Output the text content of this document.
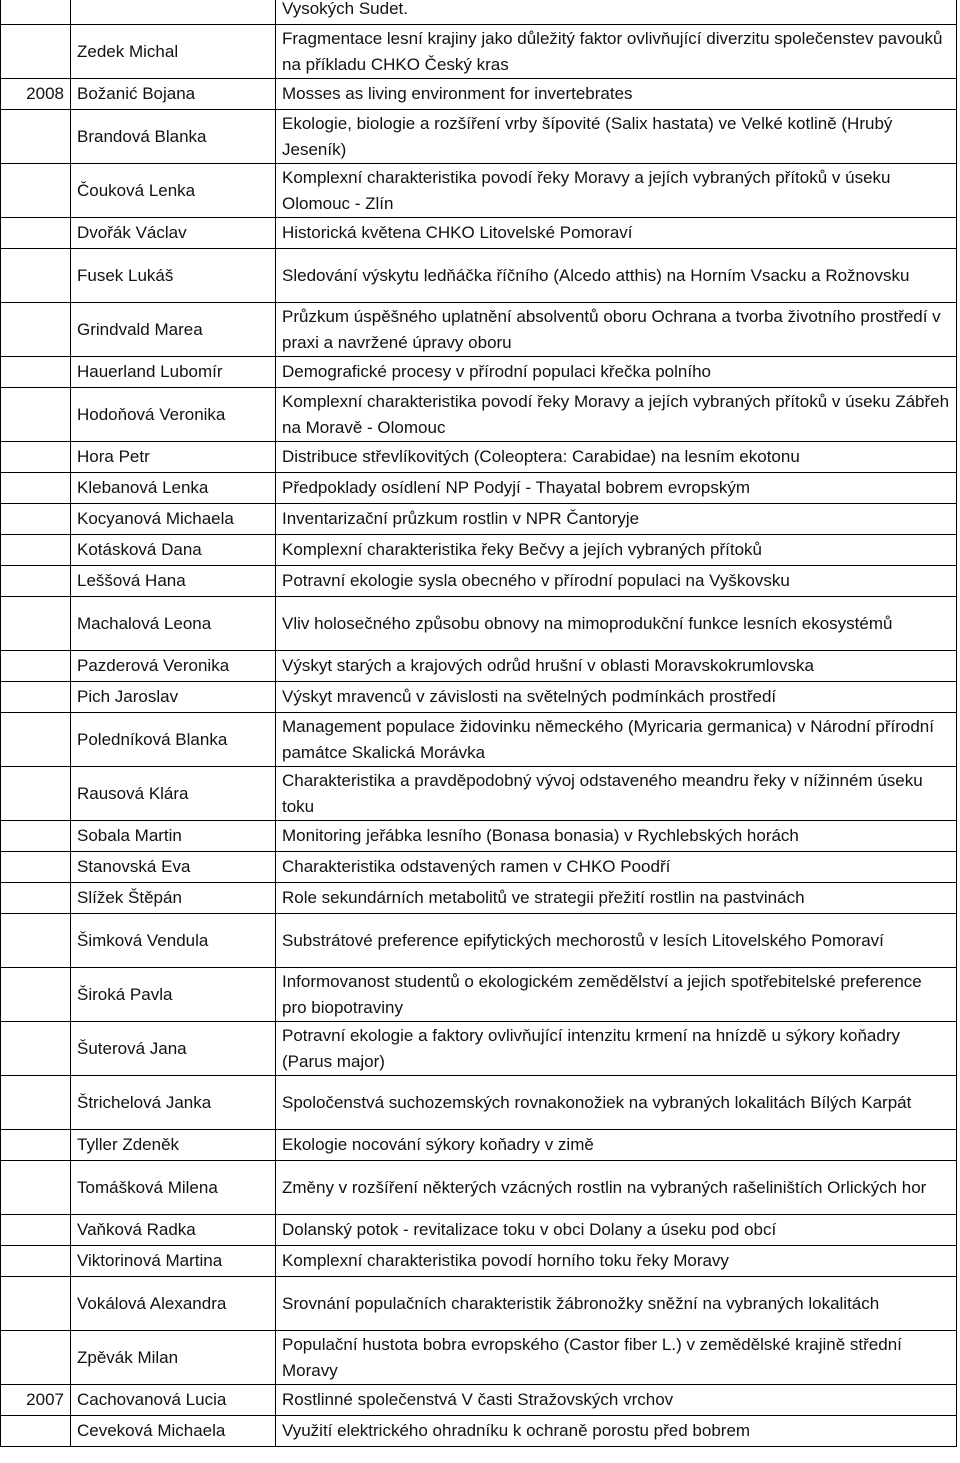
		Vysokých Sudet.
	Zedek Michal	Fragmentace lesní krajiny jako důležitý faktor ovlivňující diverzitu společenstev pavouků na příkladu CHKO Český kras
2008	Božanić Bojana	Mosses as living environment for invertebrates
	Brandová Blanka	Ekologie, biologie a rozšíření vrby šípovité (Salix hastata) ve Velké kotlině (Hrubý Jeseník)
	Čouková Lenka	Komplexní charakteristika povodí řeky Moravy a jejích vybraných přítoků v úseku Olomouc - Zlín
	Dvořák Václav	Historická květena CHKO Litovelské Pomoraví
	Fusek Lukáš	Sledování výskytu ledňáčka říčního (Alcedo atthis) na Horním Vsacku a Rožnovsku
	Grindvald Marea	Průzkum úspěšného uplatnění absolventů oboru Ochrana a tvorba životního prostředí v praxi a navržené úpravy oboru
	Hauerland Lubomír	Demografické procesy v přírodní populaci křečka polního
	Hodoňová Veronika	Komplexní charakteristika povodí řeky Moravy a jejích vybraných přítoků v úseku Zábřeh na Moravě - Olomouc
	Hora Petr	Distribuce střevlíkovitých (Coleoptera: Carabidae) na lesním ekotonu
	Klebanová Lenka	Předpoklady osídlení NP Podyjí - Thayatal bobrem evropským
	Kocyanová Michaela	Inventarizační průzkum rostlin v NPR Čantoryje
	Kotásková Dana	Komplexní charakteristika řeky Bečvy a jejích vybraných přítoků
	Leššová Hana	Potravní ekologie sysla obecného v přírodní populaci na Vyškovsku
	Machalová Leona	Vliv holosečného způsobu obnovy na mimoprodukční funkce lesních ekosystémů
	Pazderová Veronika	Výskyt starých a krajových odrůd hrušní v oblasti Moravskokrumlovska
	Pich Jaroslav	Výskyt mravenců v závislosti na světelných podmínkách prostředí
	Poledníková Blanka	Management populace židovinku německého (Myricaria germanica) v Národní přírodní památce Skalická Morávka
	Rausová Klára	Charakteristika a pravděpodobný vývoj odstaveného meandru řeky v nížinném úseku toku
	Sobala Martin	Monitoring jeřábka lesního (Bonasa bonasia) v Rychlebských horách
	Stanovská Eva	Charakteristika odstavených ramen v CHKO Poodří
	Slížek Štěpán	Role sekundárních metabolitů ve strategii přežití rostlin na pastvinách
	Šimková Vendula	Substrátové preference epifytických mechorostů v lesích Litovelského Pomoraví
	Široká Pavla	Informovanost studentů o ekologickém zemědělství a jejich spotřebitelské preference pro biopotraviny
	Šuterová Jana	Potravní ekologie a faktory ovlivňující intenzitu krmení na hnízdě u sýkory koňadry (Parus major)
	Štrichelová Janka	Spoločenstvá suchozemských rovnakonožiek na vybraných lokalitách Bílých Karpát
	Tyller Zdeněk	Ekologie nocování sýkory koňadry v zimě
	Tomášková Milena	Změny v rozšíření některých vzácných rostlin na vybraných rašeliništích Orlických hor
	Vaňková Radka	Dolanský potok - revitalizace toku v obci Dolany a úseku pod obcí
	Viktorinová Martina	Komplexní charakteristika povodí horního toku řeky Moravy
	Vokálová Alexandra	Srovnání populačních charakteristik žábronožky sněžní na vybraných lokalitách
	Zpěvák Milan	Populační hustota bobra evropského (Castor fiber L.) v zemědělské krajině střední Moravy
2007	Cachovanová Lucia	Rostlinné společenstvá V časti Stražovských vrchov
	Ceveková Michaela	Využití elektrického ohradníku k ochraně porostu před bobrem
